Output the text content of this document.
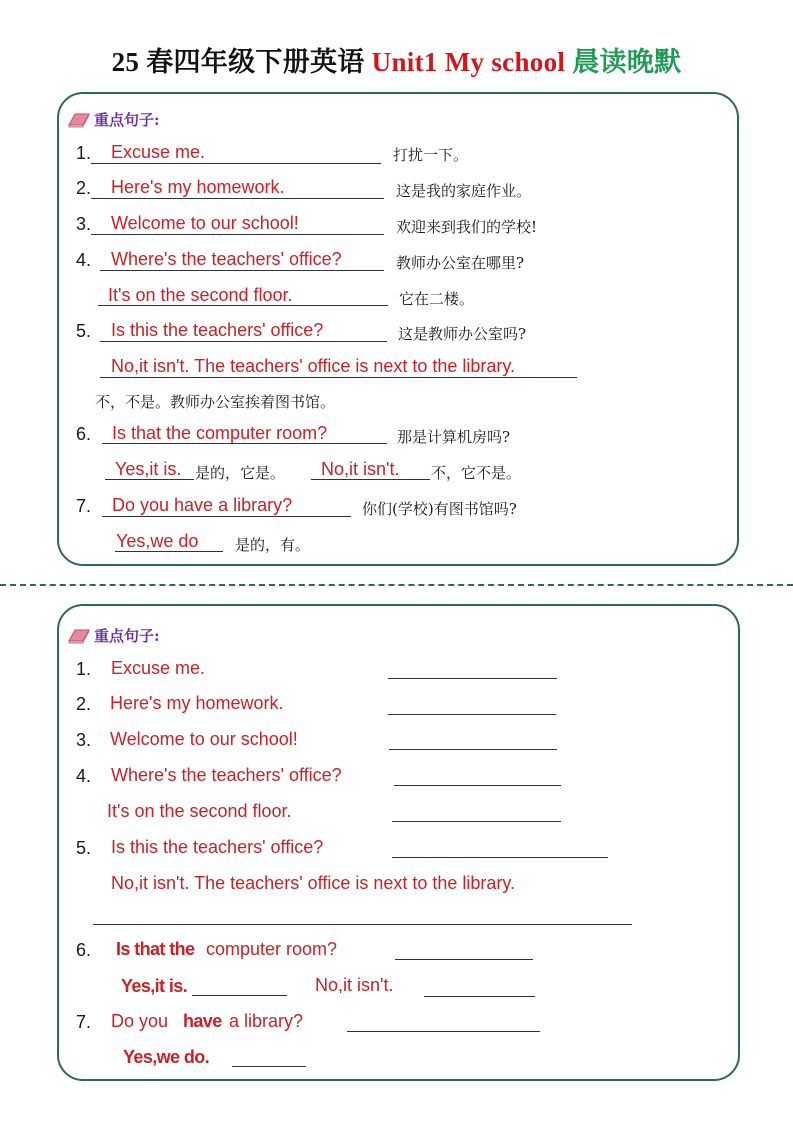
25 春四年级下册英语 Unit1 My school 晨读晚默
重点句子:
1. Excuse me.	打扰一下。
2. Here's my homework.	这是我的家庭作业。
3. Welcome to our school!	欢迎来到我们的学校!
4. Where's the teachers' office?	教师办公室在哪里?
It's on the second floor.	它在二楼。
5. Is this the teachers' office?	这是教师办公室吗?
No,it isn't. The teachers' office is next to the library.
不，不是。教师办公室挨着图书馆。
6. Is that the computer room?	那是计算机房吗?
Yes,it is. 是的，它是。 No,it isn't. 不，它不是。
7. Do you have a library?	你们(学校)有图书馆吗?
Yes,we do 是的，有。
重点句子:
1. Excuse me.
2. Here's my homework.
3. Welcome to our school!
4. Where's the teachers' office?
It's on the second floor.
5. Is this the teachers' office?
No,it isn't. The teachers' office is next to the library.
6. Is that the computer room?
Yes,it is.	No,it isn't.
7. Do you have a library?
Yes,we do.
